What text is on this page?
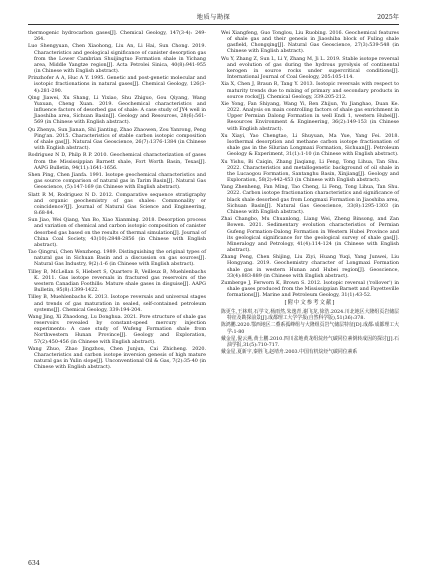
地质与勘探	2025年
thermogenic hydrocarbon gases[J]. Chemical Geology, 147(3-4): 249-264.
Luo Shengyuan, Chen Xiaohong, Liu An, Li Hai, Sun Chong. 2019. Characteristics and geological significance of canister desorption gas from the Lower Cambrian Shuijingtuo Formation shale in Yichang area, Middle Yangtze region[J]. Acta Petrolei Sinica, 40(8):941-955 (in Chinese with English abstract).
Prinzhofer A A, Huc A Y. 1995. Genetic and post-genetic molecular and isotopic fractionations in natural gases[J]. Chemical Geology, 126(3-4):281-290.
Qing Jiawei, Xu Shang, Li Yixiao, Shu Zhiguo, Gou Qiyang, Wang Yuxuan, Cheng Xuan. 2019. Geochemical characteristics and influence factors of desorbed gas of shale: A case study of JY4 well in Jiaoshiba area, Sichuan Basin[J]. Geology and Resources, 28(6):561-569 (in Chinese with English abstract).
Qu Zhenya, Sun Jianan, Shi Jianting, Zhao Zhaowen, Zou Yanrong, Peng Ping'an. 2015. Characteristics of stable carbon isotopic composition of shale gas[J]. Natural Gas Geoscience, 26(7):1376-1384 (in Chinese with English abstract).
Rodriguez N D, Philp R P. 2010. Geochemical characterization of gases from the Mississippian Barnett shale, Fort Worth Basin, Texas[J]. AAPG Bulletin, 94(11):1641-1656.
Shen Ping, Chen Jianfa. 1991. Isotope geochemical characteristics and gas source comparison of natural gas in Tarim Basin[J]. Natural Gas Geoscience, (5):147-169 (in Chinese with English abstract).
Slatt R M, Rodriguez N D. 2012. Comparative sequence stratigraphy and organic geochemistry of gas shales: Commonality or coincidence?[J]. Journal of Natural Gas Science and Engineering, 8:68-84.
Sun Jiao, Wei Qiang, Yan Bo, Xiao Xianming. 2018. Desorption process and variation of chemical and carbon isotopic composition of canister desorbed gas based on the results of thermal simulation[J]. Journal of China Coal Society, 43(10):2848-2856 (in Chinese with English abstract).
Tao Qingrui, Chen Wenzheng. 1989. Distinguishing the original types of natural gas in Sichuan Basin and a discussion on gas sources[J]. Natural Gas Industry, 9(2):1-6 (in Chinese with English abstract).
Tilley B, McLellan S, Hiebert S, Quartero B, Veilleux B, Muehlenbachs K. 2011. Gas isotope reversals in fractured gas reservoirs of the western Canadian Foothills: Mature shale gases in disguise[J]. AAPG Bulletin, 95(8):1399-1422.
Tilley B, Muehlenbachs K. 2013. Isotope reversals and universal stages and trends of gas maturation in sealed, self-contained petroleum systems[J]. Chemical Geology, 339:194-204.
Wang Jing, Xi Zhaodong, Lu Donghua. 2021. Pore structure of shale gas reservoirs revealed by constant-speed mercury injection experiments: A case study of Wufeng Formation shale from Northwestern Hunan Province[J]. Geology and Exploration, 57(2):450-456 (in Chinese with English abstract).
Wang Zhuo, Zhao Jingzhou, Chen Junjun, Cai Zhicheng. 2020. Characteristics and carbon isotope inversion genesis of high mature natural gas in Yulin slope[J]. Unconventional Oil & Gas, 7(2):35-40 (in Chinese with English abstract).
Wei Xiangfeng, Guo Tonglou, Liu Ruobing. 2016. Geochemical features of shale gas and their genesis in Jiaoshiba block of Fuling shale gasfield, Chongqing[J]. Natural Gas Geoscience, 27(3):539-548 (in Chinese with English abstract).
Wu Y, Zhang Z, Sun L, Li Y, Zhang M, Ji L. 2019. Stable isotope reversal and evolution of gas during the hydrous pyrolysis of continental kerogen in source rocks under supercritical conditions[J]. International Journal of Coal Geology, 205:105-114.
Xia X, Chen J, Braun R, Tang Y. 2013. Isotopic reversals with respect to maturity trends due to mixing of primary and secondary products in source rocks[J]. Chemical Geology, 339:205-212.
Xie Yong, Fan Shiyang, Wang Yi, Ren Zhijun, Yu Jianghao, Duan Ke. 2022. Analysis on main controlling factors of shale gas enrichment in Upper Permian Dalong Formation in well Endi 1, western Hubei[J]. Resources Environment & Engineering, 36(2):149-153 (in Chinese with English abstract).
Xu Xiayi, Yao Chengtao, Li Shuyuan, Ma Yue, Yang Fei. 2018. Isothermal desorption and methane carbon isotope fractionation of shale gas in the Silurian Longmaxi Formation, Sichuan[J]. Petroleum Geology & Experiment, 31(1):1-10 (in Chinese with English abstract).
Xu Yishu, Bi Caiqin, Zhang Jiaqiang, Li Feng, Tong Lihua, Tan Shu. 2022. Characteristics and metallogenetic background of oil shale in the Lucaogou Formation, Santanghu Basin, Xinjiang[J]. Geology and Exploration, 58(2):442-453 (in Chinese with English abstract).
Yang Zhenheng, Fan Ming, Tao Cheng, Li Feng, Tong Lihua, Tan Shu. 2022. Carbon isotope fractionation characteristics and significance of black shale desorbed gas from Longmaxi Formation in Jiaoshiba area, Sichuan Basin[J]. Natural Gas Geoscience, 33(8):1295-1303 (in Chinese with English abstract).
Zhai Changbo, Mu Chuanlong, Liang Wei, Zheng Binsong, and Zan Bowen. 2021. Sedimentary evolution characteristics of Permian Gufeng Formation-Dalong Formation in Western Hubei Province and its geological significance for the geological survey of shale gas[J]. Mineralogy and Petrology, 41(4):114-124 (in Chinese with English abstract).
Zhang Peng, Chen Shijing, Liu Ziyi, Huang Yuqi, Yang Junwei, Liu Hongyang. 2019. Geochemistry character of Longmaxi Formation shale gas in western Hunan and Hubei region[J]. Geoscience, 33(4):883-889 (in Chinese with English abstract).
Zumberge J, Ferworn K, Brown S. 2012. Isotopic reversal ('rollover') in shale gases produced from the Mississippian Barnett and Fayetteville formations[J]. Marine and Petroleum Geology, 31(1):43-52.
[附中文参考文献]
陈更生,王林琪,石学文,杨雨然,朱逸青,谢飞龙,徐浩.2024.川北地区大隆组页岩储层特征及勘探前景[J].成都理工大学学报(自然科学版),51(36):378.
陈鸿鹏.2020.鄂西地区二叠系孤峰组与大隆组页岩气储层特征[D].成都:成都理工大学:1-80
戴金星,倪云燕,黄士鹏.2010.四川盆地黄龙组烷烃气碳同位素倒转成因的探讨[J].石油学报,31(5):710-717.
戴金星,夏新宇,秦胜飞,赵靖舟.2003.中国有机烷烃气碳同位素系
634
